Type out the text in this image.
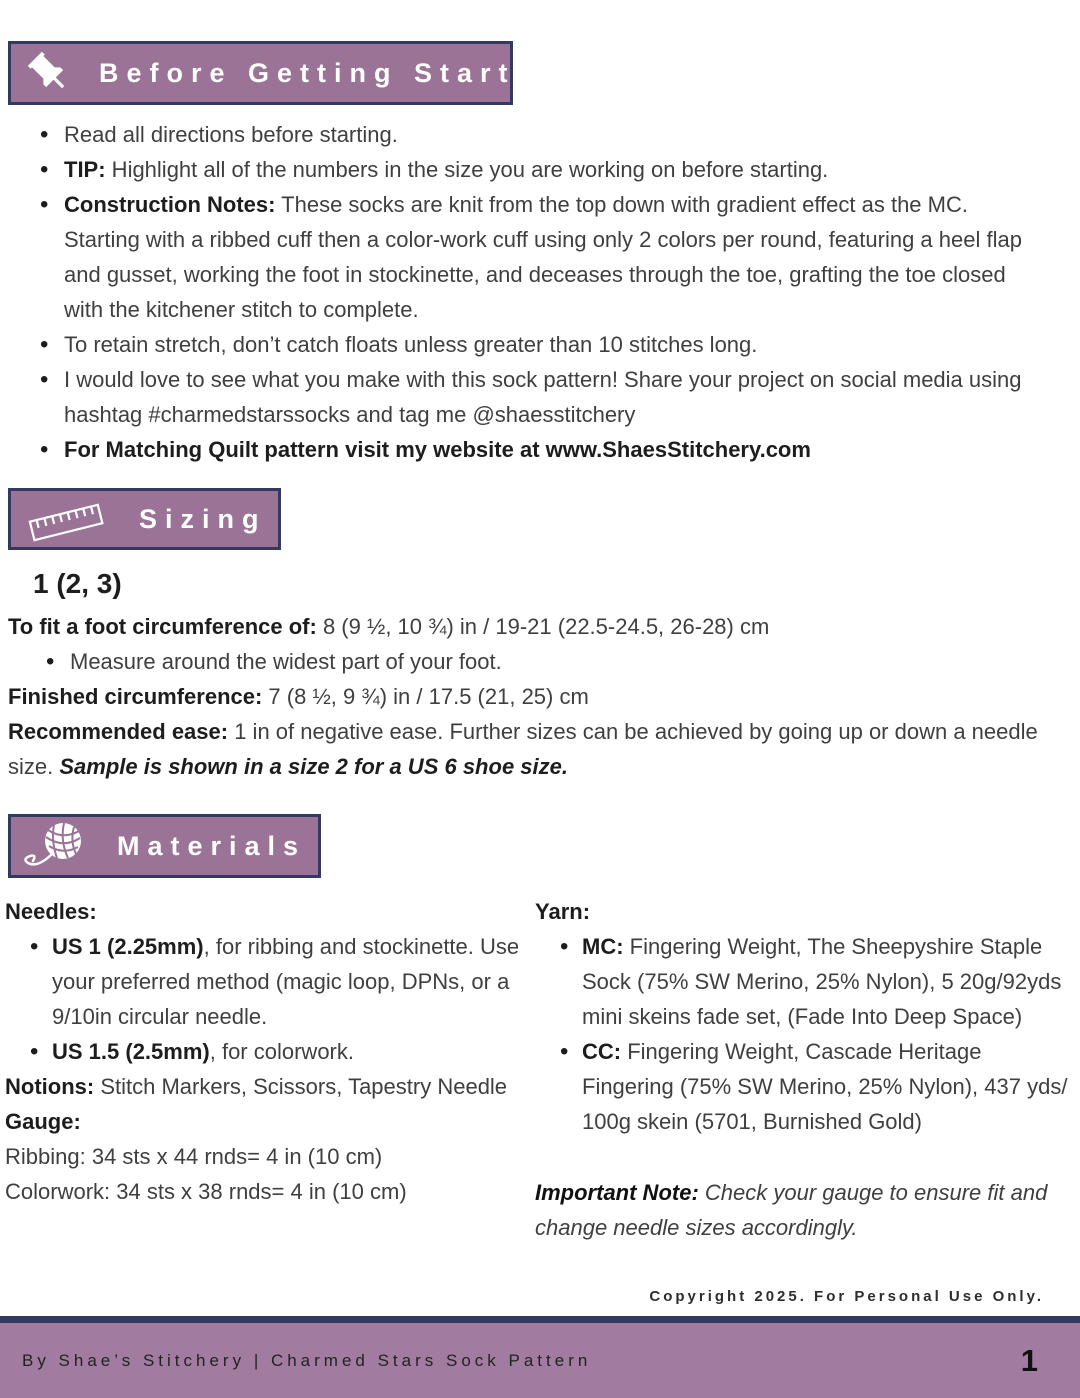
Before Getting Started
• Read all directions before starting.
• TIP: Highlight all of the numbers in the size you are working on before starting.
• Construction Notes: These socks are knit from the top down with gradient effect as the MC. Starting with a ribbed cuff then a color-work cuff using only 2 colors per round, featuring a heel flap and gusset, working the foot in stockinette, and deceases through the toe, grafting the toe closed with the kitchener stitch to complete.
• To retain stretch, don’t catch floats unless greater than 10 stitches long.
• I would love to see what you make with this sock pattern! Share your project on social media using hashtag #charmedstarssocks and tag me @shaesstitchery
• For Matching Quilt pattern visit my website at www.ShaesStitchery.com
Sizing
1 (2, 3)
To fit a foot circumference of: 8 (9 ½, 10 ¾) in / 19-21 (22.5-24.5, 26-28) cm
• Measure around the widest part of your foot.
Finished circumference: 7 (8 ½, 9 ¾) in / 17.5 (21, 25) cm
Recommended ease: 1 in of negative ease. Further sizes can be achieved by going up or down a needle size. Sample is shown in a size 2 for a US 6 shoe size.
Materials
Needles:
• US 1 (2.25mm), for ribbing and stockinette. Use your preferred method (magic loop, DPNs, or a 9/10in circular needle.
• US 1.5 (2.5mm), for colorwork.
Notions: Stitch Markers, Scissors, Tapestry Needle
Gauge:
Ribbing: 34 sts x 44 rnds= 4 in (10 cm)
Colorwork: 34 sts x 38 rnds= 4 in (10 cm)
Yarn:
• MC: Fingering Weight, The Sheepyshire Staple Sock (75% SW Merino, 25% Nylon), 5 20g/92yds mini skeins fade set, (Fade Into Deep Space)
• CC: Fingering Weight, Cascade Heritage Fingering (75% SW Merino, 25% Nylon), 437 yds/ 100g skein (5701, Burnished Gold)
Important Note: Check your gauge to ensure fit and change needle sizes accordingly.
Copyright 2025. For Personal Use Only.
By Shae’s Stitchery | Charmed Stars Sock Pattern	1
